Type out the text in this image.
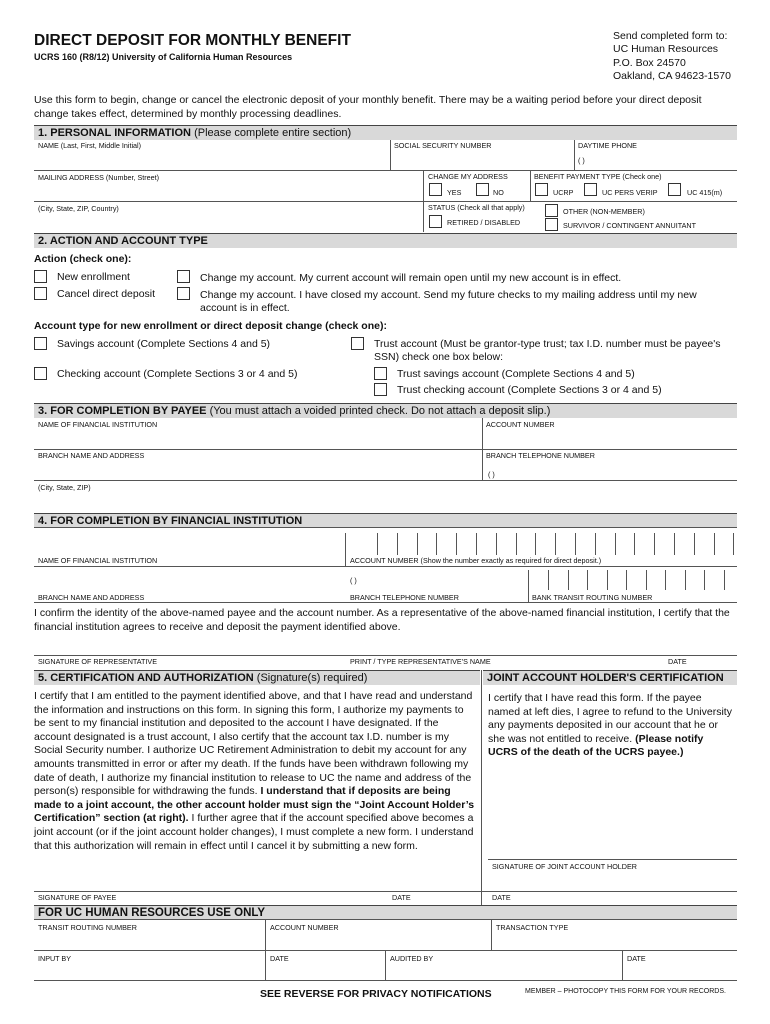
DIRECT DEPOSIT FOR MONTHLY BENEFIT
UCRS 160 (R8/12) University of California Human Resources
Send completed form to:
UC Human Resources
P.O. Box 24570
Oakland, CA 94623-1570
Use this form to begin, change or cancel the electronic deposit of your monthly benefit. There may be a waiting period before your direct deposit change takes effect, determined by monthly processing deadlines.
1. PERSONAL INFORMATION (Please complete entire section)
NAME (Last, First, Middle Initial)	SOCIAL SECURITY NUMBER	DAYTIME PHONE
( )
MAILING ADDRESS (Number, Street)	CHANGE MY ADDRESS
YES	NO
BENEFIT PAYMENT TYPE (Check one)
UCRP	UC PERS VERIP	UC 415(m)
(City, State, ZIP, Country)	STATUS (Check all that apply)
RETIRED / DISABLED
OTHER (NON-MEMBER)
SURVIVOR / CONTINGENT ANNUITANT
2. ACTION AND ACCOUNT TYPE
Action (check one):
New enrollment
Cancel direct deposit
Change my account. My current account will remain open until my new account is in effect.
Change my account. I have closed my account. Send my future checks to my mailing address until my new
account is in effect.
Account type for new enrollment or direct deposit change (check one):
Savings account (Complete Sections 4 and 5)
Checking account (Complete Sections 3 or 4 and 5)
Trust account (Must be grantor-type trust; tax I.D. number must be payee's
SSN) check one box below:
Trust savings account (Complete Sections 4 and 5)
Trust checking account (Complete Sections 3 or 4 and 5)
3. FOR COMPLETION BY PAYEE (You must attach a voided printed check. Do not attach a deposit slip.)
NAME OF FINANCIAL INSTITUTION	ACCOUNT NUMBER
BRANCH NAME AND ADDRESS	BRANCH TELEPHONE NUMBER
( )
(City, State, ZIP)
4. FOR COMPLETION BY FINANCIAL INSTITUTION
NAME OF FINANCIAL INSTITUTION	ACCOUNT NUMBER (Show the number exactly as required for direct deposit.)
( )
BRANCH NAME AND ADDRESS	BRANCH TELEPHONE NUMBER	BANK TRANSIT ROUTING NUMBER
I confirm the identity of the above-named payee and the account number. As a representative of the above-named financial institution, I certify that the financial institution agrees to receive and deposit the payment identified above.
SIGNATURE OF REPRESENTATIVE	PRINT / TYPE REPRESENTATIVE'S NAME	DATE
5. CERTIFICATION AND AUTHORIZATION (Signature(s) required)	JOINT ACCOUNT HOLDER'S CERTIFICATION
I certify that I am entitled to the payment identified above, and that I have read and understand the information and instructions on this form. In signing this form, I authorize my payments to be sent to my financial institution and deposited to the account I have designated. If the account designated is a trust account, I also certify that the account tax I.D. number is my Social Security number. I authorize UC Retirement Administration to debit my account for any amounts transmitted in error or after my death. If the funds have been withdrawn following my date of death, I authorize my financial institution to release to UC the name and address of the person(s) responsible for withdrawing the funds. I understand that if deposits are being made to a joint account, the other account holder must sign the “Joint Account Holder’s Certification” section (at right). I further agree that if the account specified above becomes a joint account (or if the joint account holder changes), I must complete a new form. I understand that this authorization will remain in effect until I cancel it by submitting a new form.
I certify that I have read this form. If the payee named at left dies, I agree to refund to the University any payments deposited in our account that he or she was not entitled to receive. (Please notify UCRS of the death of the UCRS payee.)
SIGNATURE OF JOINT ACCOUNT HOLDER
SIGNATURE OF PAYEE	DATE	DATE
FOR UC HUMAN RESOURCES USE ONLY
TRANSIT ROUTING NUMBER	ACCOUNT NUMBER	TRANSACTION TYPE
INPUT BY	DATE	AUDITED BY	DATE
SEE REVERSE FOR PRIVACY NOTIFICATIONS	MEMBER – PHOTOCOPY THIS FORM FOR YOUR RECORDS.
